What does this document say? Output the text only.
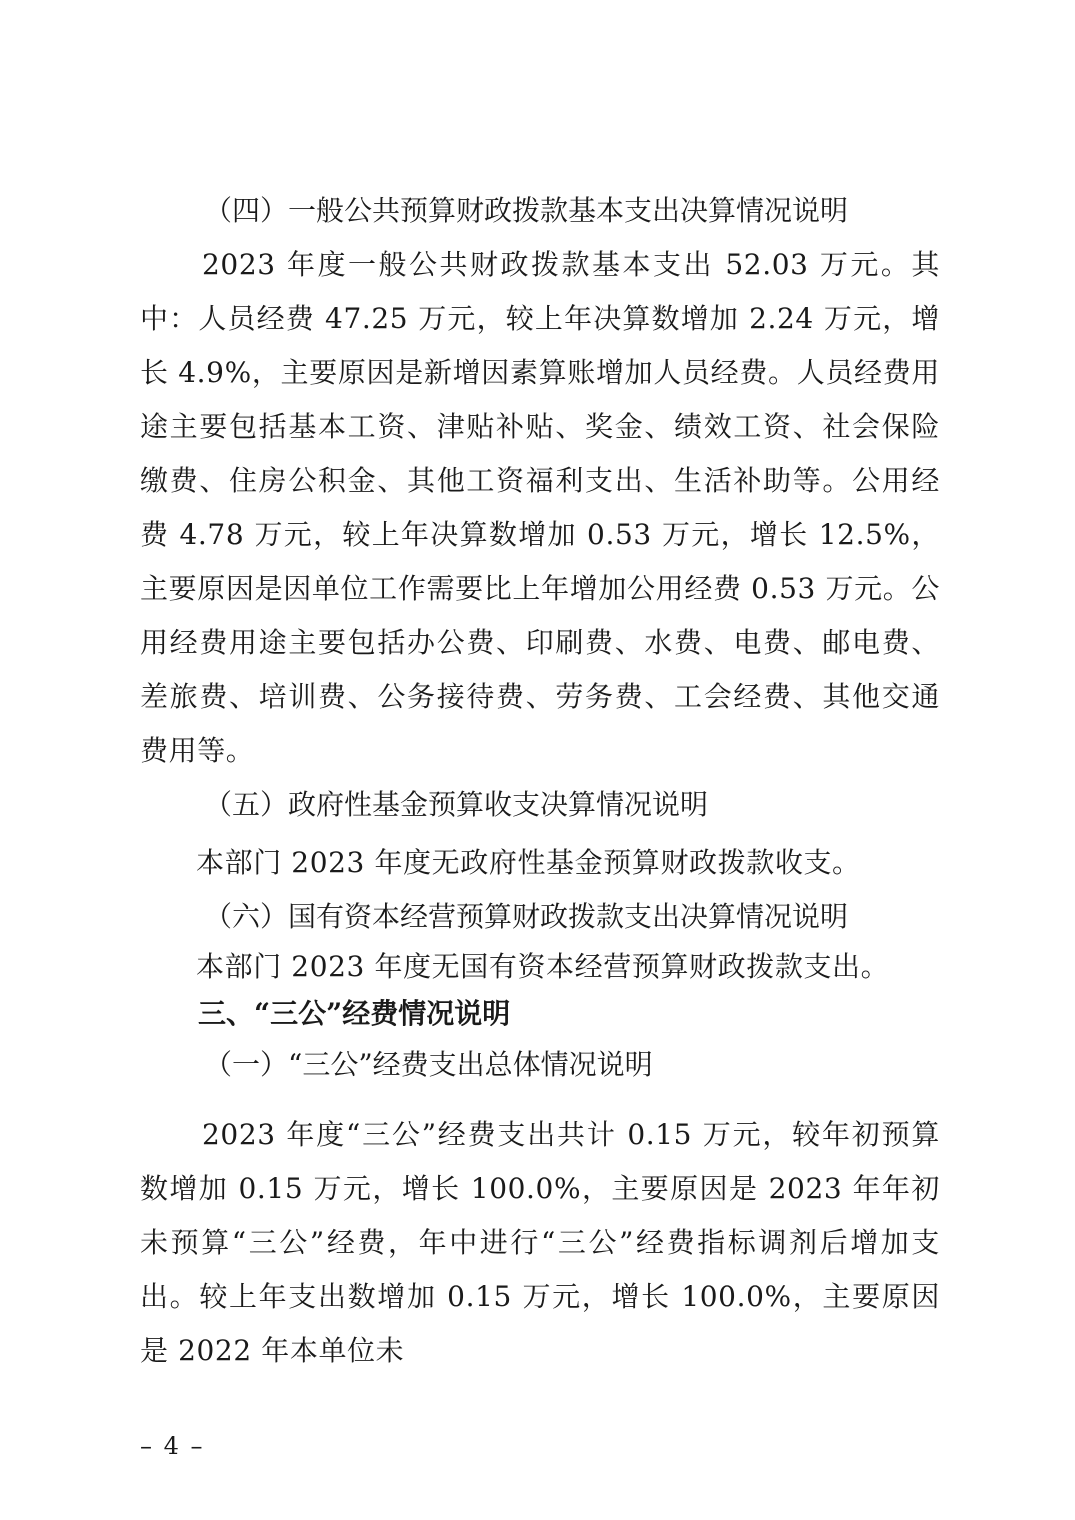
（四）一般公共预算财政拨款基本支出决算情况说明

2023 年度一般公共财政拨款基本支出 52.03 万元。其中：人员经费 47.25 万元，较上年决算数增加 2.24 万元，增长 4.9%，主要原因是新增因素算账增加人员经费。人员经费用途主要包括基本工资、津贴补贴、奖金、绩效工资、社会保险缴费、住房公积金、其他工资福利支出、生活补助等。公用经费 4.78 万元，较上年决算数增加 0.53 万元，增长 12.5%，主要原因是因单位工作需要比上年增加公用经费 0.53 万元。公用经费用途主要包括办公费、印刷费、水费、电费、邮电费、差旅费、培训费、公务接待费、劳务费、工会经费、其他交通费用等。

（五）政府性基金预算收支决算情况说明

本部门 2023 年度无政府性基金预算财政拨款收支。

（六）国有资本经营预算财政拨款支出决算情况说明

本部门 2023 年度无国有资本经营预算财政拨款支出。

三、“三公”经费情况说明
（一）“三公”经费支出总体情况说明

2023 年度“三公”经费支出共计 0.15 万元，较年初预算数增加 0.15 万元，增长 100.0%，主要原因是 2023 年年初未预算“三公”经费，年中进行“三公”经费指标调剂后增加支出。较上年支出数增加 0.15 万元，增长 100.0%，主要原因是 2022 年本单位未

– 4 –
